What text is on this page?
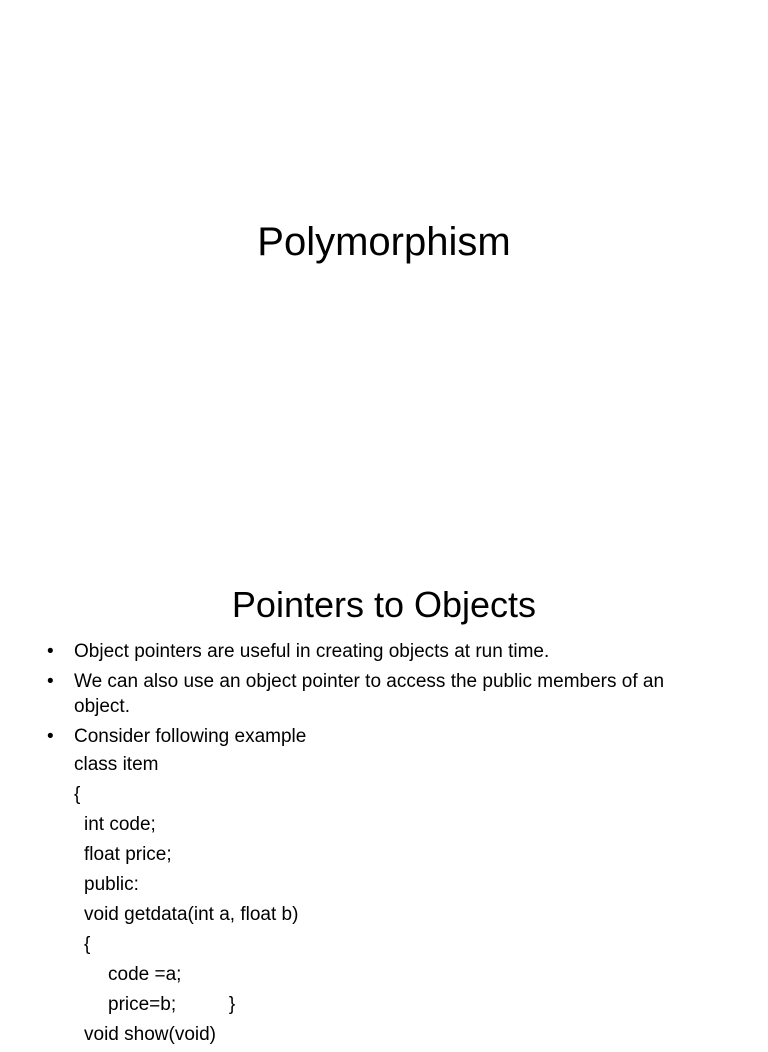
Polymorphism
Pointers to Objects
• Object pointers are useful in creating objects at run time.
• We can also use an object pointer to access the public members of an object.
• Consider following example
class item
{
int code;
float price;
public:
void getdata(int a, float b)
{
code =a;
price=b;          }
void show(void)
